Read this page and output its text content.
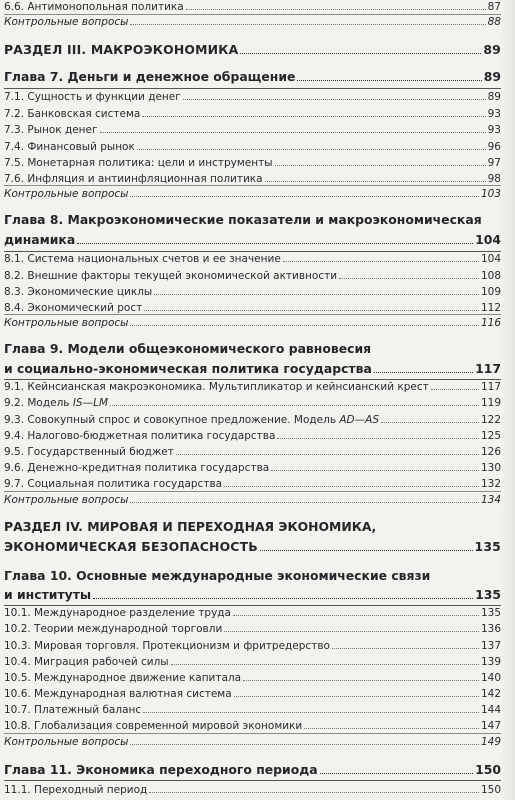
6.6. Антимонопольная политика	87
Контрольные вопросы	88
РАЗДЕЛ III. МАКРОЭКОНОМИКА	89
Глава 7. Деньги и денежное обращение	89
7.1. Сущность и функции денег	89
7.2. Банковская система	93
7.3. Рынок денег	93
7.4. Финансовый рынок	96
7.5. Монетарная политика: цели и инструменты	97
7.6. Инфляция и антиинфляционная политика	98
Контрольные вопросы	103
Глава 8. Макроэкономические показатели и макроэкономическая
динамика	104
8.1. Система национальных счетов и ее значение	104
8.2. Внешние факторы текущей экономической активности	108
8.3. Экономические циклы	109
8.4. Экономический рост	112
Контрольные вопросы	116
Глава 9. Модели общеэкономического равновесия
и социально-экономическая политика государства	117
9.1. Кейнсианская макроэкономика. Мультипликатор и кейнсианский крест	117
9.2. Модель IS—LM	119
9.3. Совокупный спрос и совокупное предложение. Модель AD—AS	122
9.4. Налогово-бюджетная политика государства	125
9.5. Государственный бюджет	126
9.6. Денежно-кредитная политика государства	130
9.7. Социальная политика государства	132
Контрольные вопросы	134
РАЗДЕЛ IV. МИРОВАЯ И ПЕРЕХОДНАЯ ЭКОНОМИКА,
ЭКОНОМИЧЕСКАЯ БЕЗОПАСНОСТЬ	135
Глава 10. Основные международные экономические связи
и институты	135
10.1. Международное разделение труда	135
10.2. Теории международной торговли	136
10.3. Мировая торговля. Протекционизм и фритредерство	137
10.4. Миграция рабочей силы	139
10.5. Международное движение капитала	140
10.6. Международная валютная система	142
10.7. Платежный баланс	144
10.8. Глобализация современной мировой экономики	147
Контрольные вопросы	149
Глава 11. Экономика переходного периода	150
11.1. Переходный период	150
